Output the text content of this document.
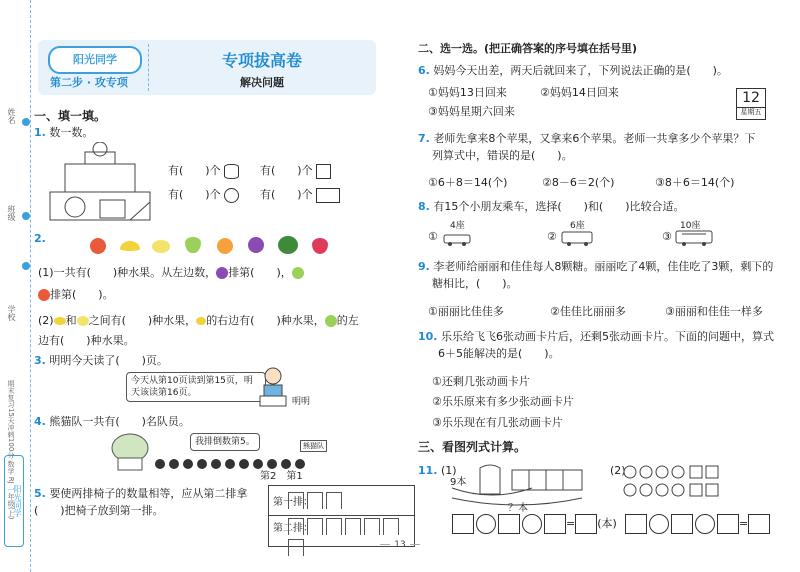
姓名
班级
学校
期末复习15天冲刺100分 数学 RJ 一年级(上)
阳光同学
阳光同学
第二步 · 攻专项
专项拔高卷
解决问题
一、填一填。
1. 数一数。
有(　　)个	有(　　)个
有(　　)个	有(　　)个
2.
(1)一共有(　　)种水果。从左边数， 排第(　　)，
排第(　　)。
(2) 和 之间有(　　)种水果， 的右边有(　　)种水果， 的左
边有(　　)种水果。
3. 明明今天读了(　　)页。
今天从第10页读到第15页，明天该读第16页。
明明
4. 熊猫队一共有(　　)名队员。
我排倒数第5。	熊猫队
第2　第1
5. 要使两排椅子的数量相等，应从第二排拿
(　　)把椅子放到第一排。
第一排：
第二排：
二、选一选。(把正确答案的序号填在括号里)
6. 妈妈今天出差，两天后就回来了，下列说法正确的是(　　)。
①妈妈13日回来	②妈妈14日回来
③妈妈星期六回来
7. 老师先拿来8个苹果，又拿来6个苹果。老师一共拿多少个苹果？下
列算式中，错误的是(　　)。
①6＋8＝14(个)	②8－6＝2(个)	③8＋6＝14(个)
8. 有15个小朋友乘车，选择(　　)和(　　)比较合适。
①
4座
②
6座
③
10座
9. 李老师给丽丽和佳佳每人8颗糖。丽丽吃了4颗，佳佳吃了3颗，剩下的
糖相比，(　　)。
①丽丽比佳佳多	②佳佳比丽丽多	③丽丽和佳佳一样多
10. 乐乐给飞飞6张动画卡片后，还剩5张动画卡片。下面的问题中，算式
6＋5能解决的是(　　)。
①还剩几张动画卡片
②乐乐原来有多少张动画卡片
③乐乐现在有几张动画卡片
三、看图列式计算。
11. (1)
9本
？本
= (本)
(2)
=
12
星期五
13
